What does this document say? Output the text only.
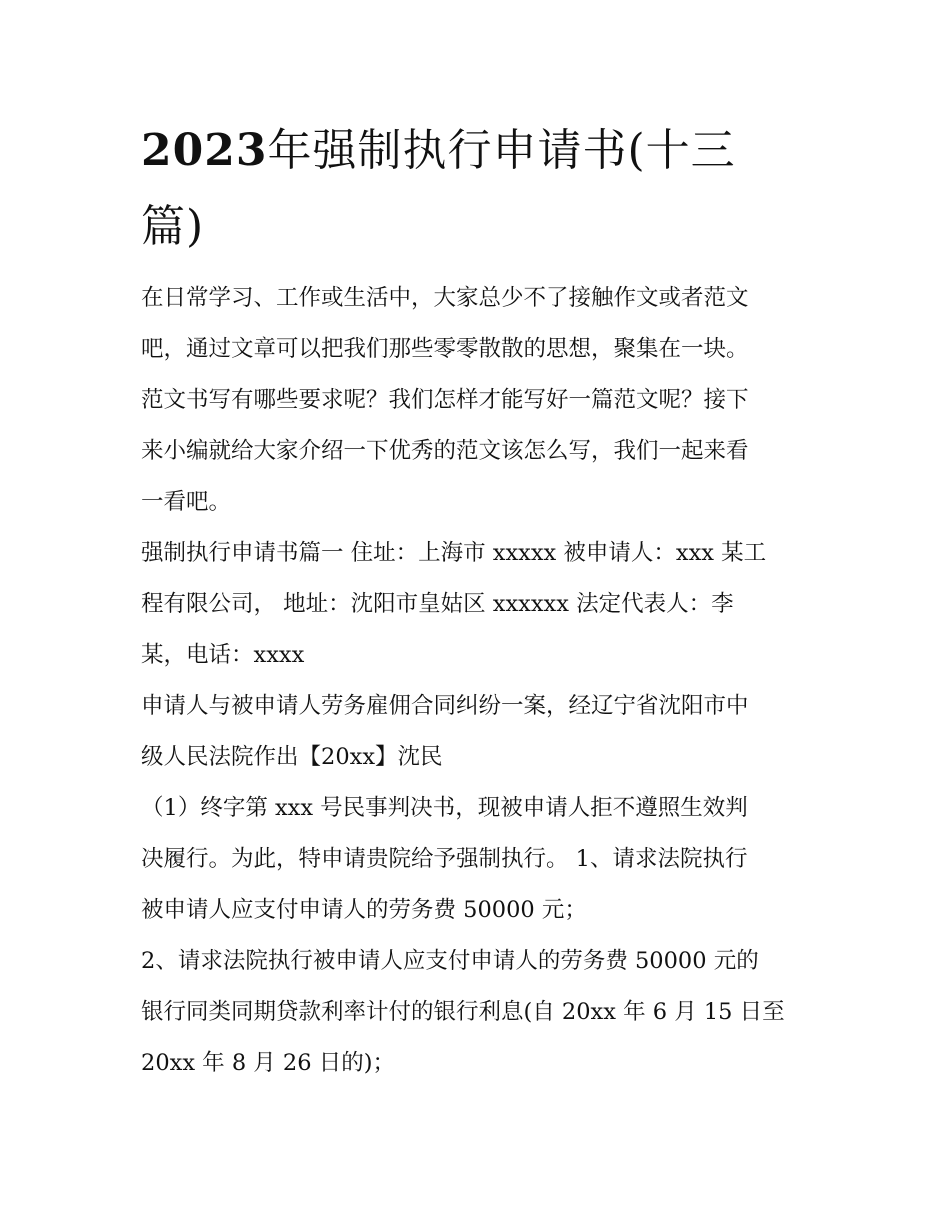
2023年强制执行申请书(十三
篇)

在日常学习、工作或生活中，大家总少不了接触作文或者范文
吧，通过文章可以把我们那些零零散散的思想，聚集在一块。
范文书写有哪些要求呢？我们怎样才能写好一篇范文呢？接下
来小编就给大家介绍一下优秀的范文该怎么写，我们一起来看
一看吧。

强制执行申请书篇一 住址：上海市 xxxxx 被申请人：xxx 某工
程有限公司， 地址：沈阳市皇姑区 xxxxxx 法定代表人：李
某，电话：xxxx

申请人与被申请人劳务雇佣合同纠纷一案，经辽宁省沈阳市中
级人民法院作出【20xx】沈民

（1）终字第 xxx 号民事判决书，现被申请人拒不遵照生效判
决履行。为此，特申请贵院给予强制执行。 1、请求法院执行
被申请人应支付申请人的劳务费 50000 元；

2、请求法院执行被申请人应支付申请人的劳务费 50000 元的
银行同类同期贷款利率计付的银行利息(自 20xx 年 6 月 15 日至
20xx 年 8 月 26 日的)；
